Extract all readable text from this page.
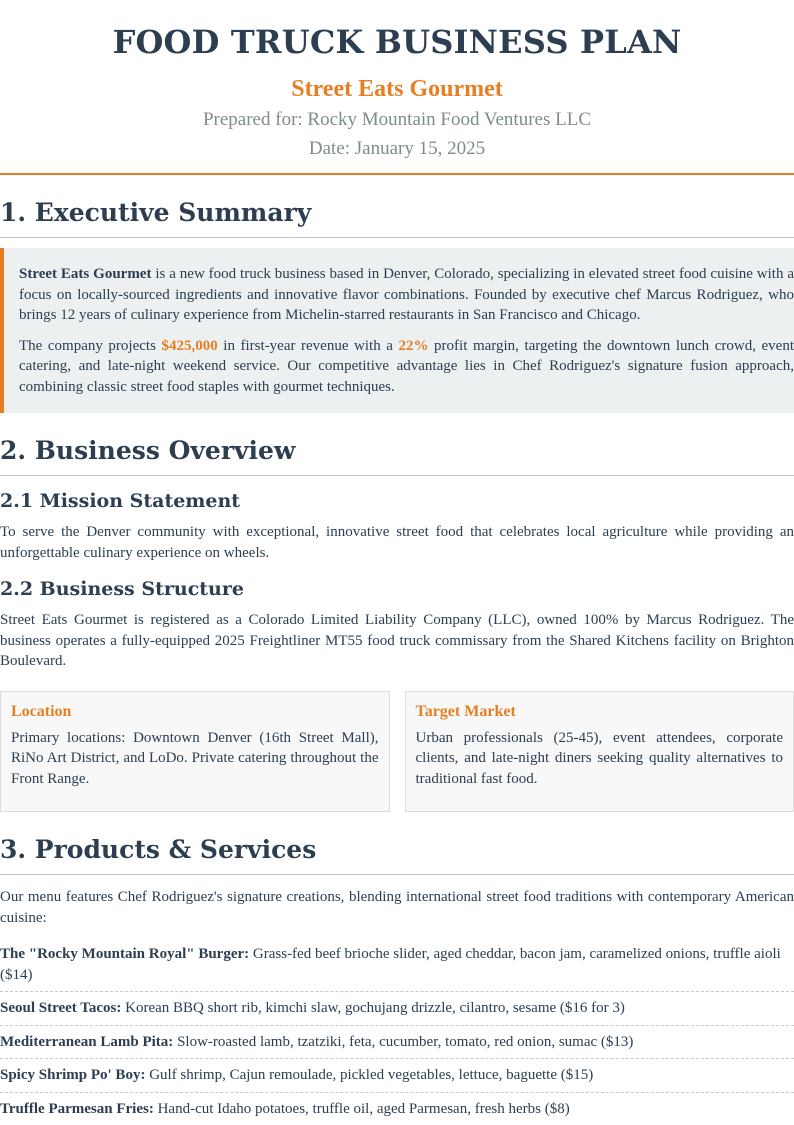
FOOD TRUCK BUSINESS PLAN
Street Eats Gourmet
Prepared for: Rocky Mountain Food Ventures LLC
Date: January 15, 2025
1. Executive Summary

Street Eats Gourmet is a new food truck business based in Denver, Colorado, specializing in elevated street food cuisine with a focus on locally-sourced ingredients and innovative flavor combinations. Founded by executive chef Marcus Rodriguez, who brings 12 years of culinary experience from Michelin-starred restaurants in San Francisco and Chicago.

The company projects $425,000 in first-year revenue with a 22% profit margin, targeting the downtown lunch crowd, event catering, and late-night weekend service. Our competitive advantage lies in Chef Rodriguez's signature fusion approach, combining classic street food staples with gourmet techniques.

2. Business Overview
2.1 Mission Statement

To serve the Denver community with exceptional, innovative street food that celebrates local agriculture while providing an unforgettable culinary experience on wheels.

2.2 Business Structure

Street Eats Gourmet is registered as a Colorado Limited Liability Company (LLC), owned 100% by Marcus Rodriguez. The business operates a fully-equipped 2025 Freightliner MT55 food truck commissary from the Shared Kitchens facility on Brighton Boulevard.

Location

Primary locations: Downtown Denver (16th Street Mall), RiNo Art District, and LoDo. Private catering throughout the Front Range.

Target Market

Urban professionals (25-45), event attendees, corporate clients, and late-night diners seeking quality alternatives to traditional fast food.

3. Products & Services

Our menu features Chef Rodriguez's signature creations, blending international street food traditions with contemporary American cuisine:

The "Rocky Mountain Royal" Burger: Grass-fed beef brioche slider, aged cheddar, bacon jam, caramelized onions, truffle aioli ($14)
Seoul Street Tacos: Korean BBQ short rib, kimchi slaw, gochujang drizzle, cilantro, sesame ($16 for 3)
Mediterranean Lamb Pita: Slow-roasted lamb, tzatziki, feta, cucumber, tomato, red onion, sumac ($13)
Spicy Shrimp Po' Boy: Gulf shrimp, Cajun remoulade, pickled vegetables, lettuce, baguette ($15)
Truffle Parmesan Fries: Hand-cut Idaho potatoes, truffle oil, aged Parmesan, fresh herbs ($8)
